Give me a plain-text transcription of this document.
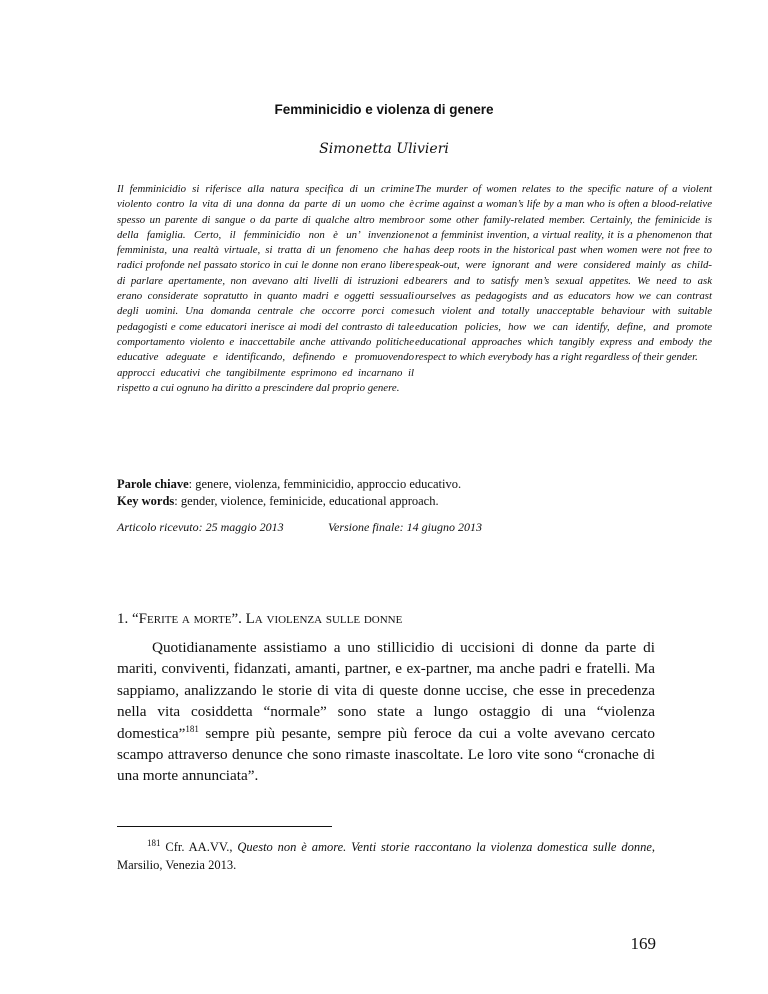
Femminicidio e violenza di genere
Simonetta Ulivieri
Il femminicidio si riferisce alla natura specifica di un crimine violento contro la vita di una donna da parte di un uomo che è spesso un parente di sangue o da parte di qualche altro membro della famiglia. Certo, il femminicidio non è un’ invenzione femminista, una realtà virtuale, si tratta di un fenomeno che ha radici profonde nel passato storico in cui le donne non erano libere di parlare apertamente, non avevano alti livelli di istruzioni ed erano considerate sopratutto in quanto madri e oggetti sessuali degli uomini. Una domanda centrale che occorre porci come pedagogisti e come educatori inerisce ai modi del contrasto di tale comportamento violento e inaccettabile anche attivando politiche educative adeguate e identificando, definendo e promuovendo approcci educativi che tangibilmente esprimono ed incarnano il rispetto a cui ognuno ha diritto a prescindere dal proprio genere.
The murder of women relates to the specific nature of a violent crime against a woman’s life by a man who is often a blood-relative or some other family-related member. Certainly, the feminicide is not a femminist invention, a virtual reality, it is a phenomenon that has deep roots in the historical past when women were not free to speak-out, were ignorant and were considered mainly as child-bearers and to satisfy men’s sexual appetites. We need to ask ourselves as pedagogists and as educators how we can contrast such violent and totally unacceptable behaviour with suitable education policies, how we can identify, define, and promote educational approaches which tangibly express and embody the respect to which everybody has a right regardless of their gender.
Parole chiave: genere, violenza, femminicidio, approccio educativo.
Key words: gender, violence, feminicide, educational approach.
Articolo ricevuto: 25 maggio 2013	Versione finale: 14 giugno 2013
1. “Ferite a morte”. La violenza sulle donne
Quotidianamente assistiamo a uno stillicidio di uccisioni di donne da parte di mariti, conviventi, fidanzati, amanti, partner, e ex-partner, ma anche padri e fratelli. Ma sappiamo, analizzando le storie di vita di queste donne uccise, che esse in precedenza nella vita cosiddetta “normale” sono state a lungo ostaggio di una “violenza domestica”$^{181}$ sempre più pesante, sempre più feroce da cui a volte avevano cercato scampo attraverso denunce che sono rimaste inascoltate. Le loro vite sono “cronache di una morte annunciata”.
$^{181}$ Cfr. AA.VV., Questo non è amore. Venti storie raccontano la violenza domestica sulle donne, Marsilio, Venezia 2013.
169
